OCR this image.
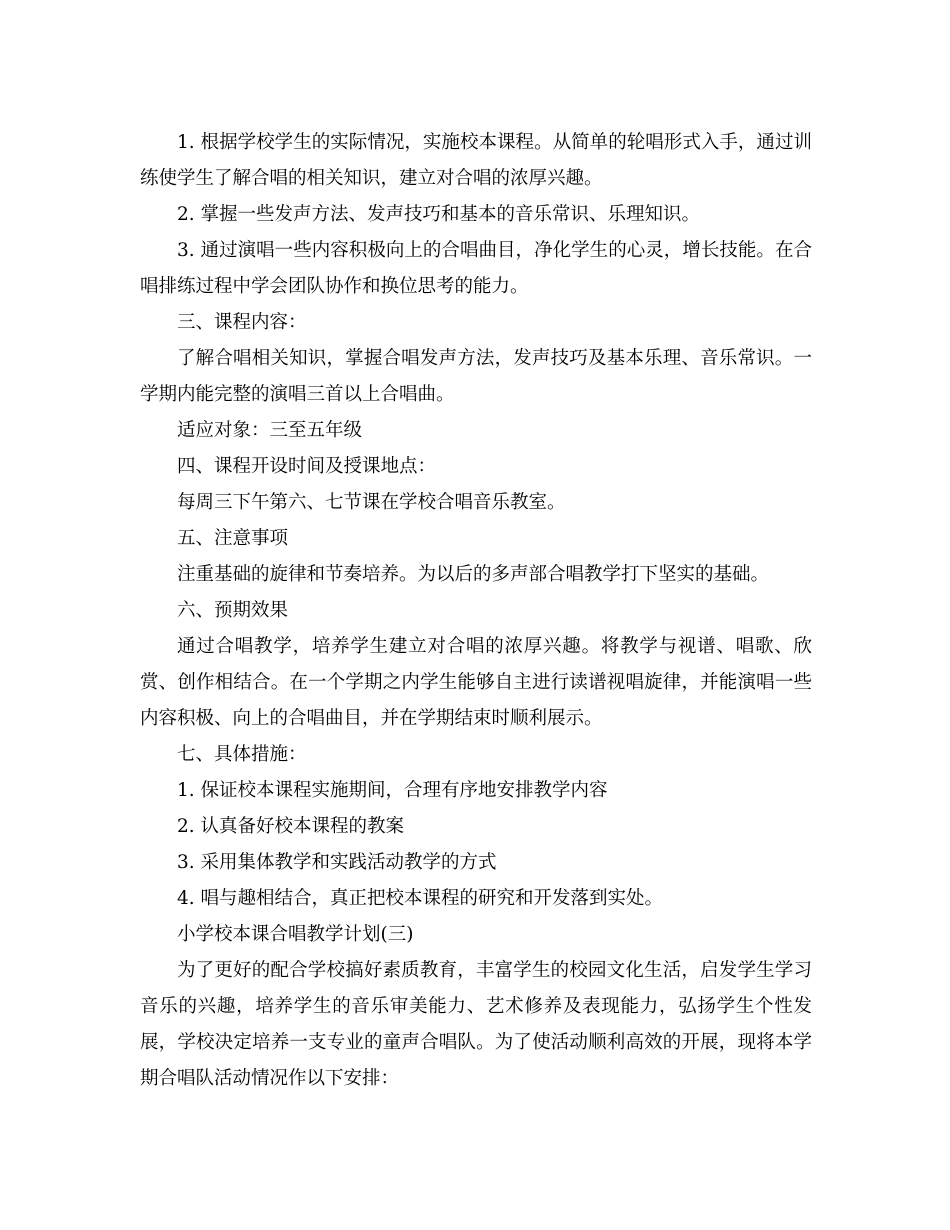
1. 根据学校学生的实际情况，实施校本课程。从简单的轮唱形式入手，通过训练使学生了解合唱的相关知识，建立对合唱的浓厚兴趣。

2. 掌握一些发声方法、发声技巧和基本的音乐常识、乐理知识。

3. 通过演唱一些内容积极向上的合唱曲目，净化学生的心灵，增长技能。在合唱排练过程中学会团队协作和换位思考的能力。

三、课程内容：

了解合唱相关知识，掌握合唱发声方法，发声技巧及基本乐理、音乐常识。一学期内能完整的演唱三首以上合唱曲。

适应对象：三至五年级

四、课程开设时间及授课地点：

每周三下午第六、七节课在学校合唱音乐教室。

五、注意事项

注重基础的旋律和节奏培养。为以后的多声部合唱教学打下坚实的基础。

六、预期效果

通过合唱教学，培养学生建立对合唱的浓厚兴趣。将教学与视谱、唱歌、欣赏、创作相结合。在一个学期之内学生能够自主进行读谱视唱旋律，并能演唱一些内容积极、向上的合唱曲目，并在学期结束时顺利展示。

七、具体措施：

1. 保证校本课程实施期间，合理有序地安排教学内容

2. 认真备好校本课程的教案

3. 采用集体教学和实践活动教学的方式

4. 唱与趣相结合，真正把校本课程的研究和开发落到实处。

小学校本课合唱教学计划(三)

为了更好的配合学校搞好素质教育，丰富学生的校园文化生活，启发学生学习音乐的兴趣，培养学生的音乐审美能力、艺术修养及表现能力，弘扬学生个性发展，学校决定培养一支专业的童声合唱队。为了使活动顺利高效的开展，现将本学期合唱队活动情况作以下安排：
